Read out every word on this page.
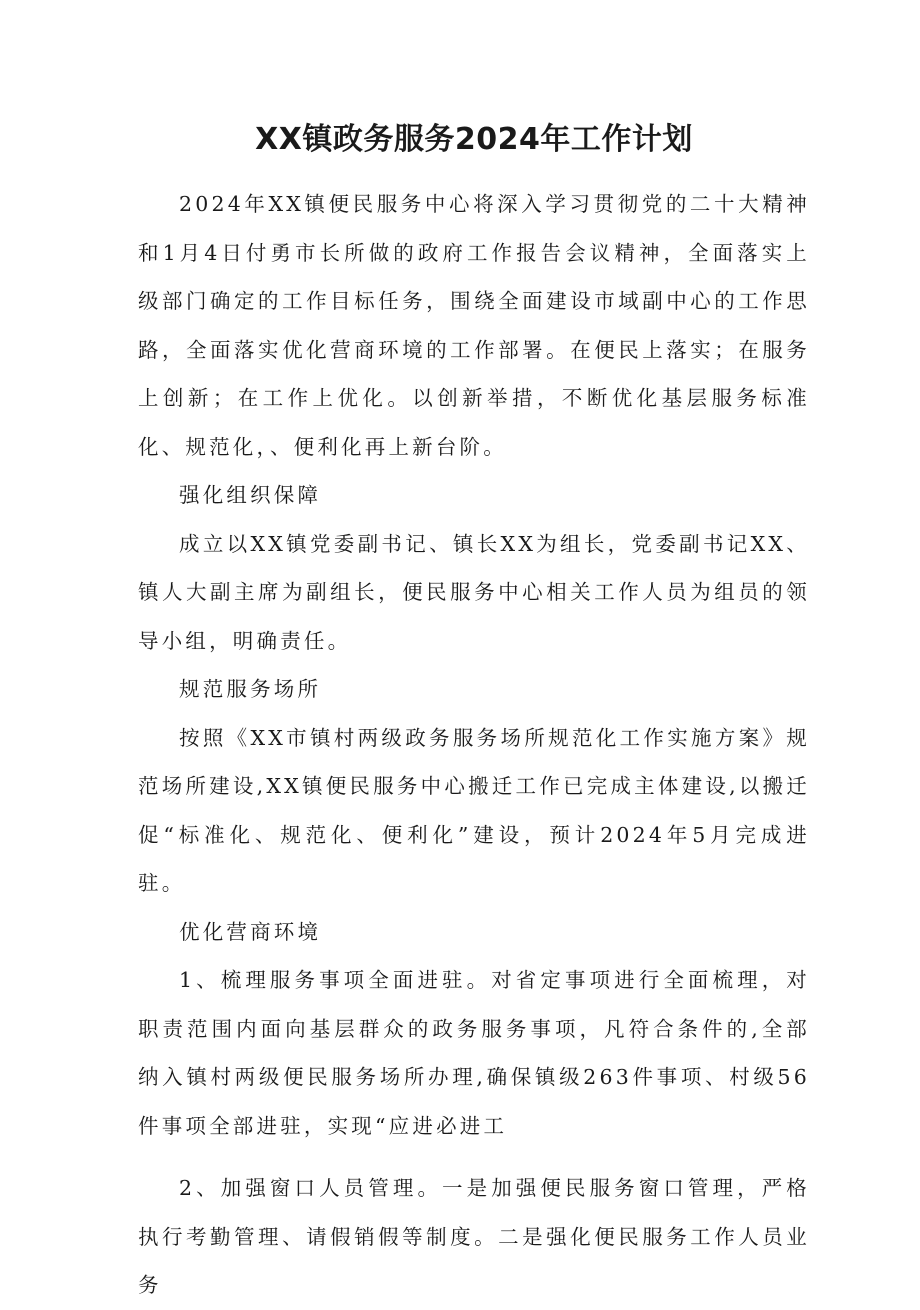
XX镇政务服务2024年工作计划

2024年XX镇便民服务中心将深入学习贯彻党的二十大精神和1月4日付勇市长所做的政府工作报告会议精神，全面落实上级部门确定的工作目标任务，围绕全面建设市域副中心的工作思路，全面落实优化营商环境的工作部署。在便民上落实；在服务上创新；在工作上优化。以创新举措，不断优化基层服务标准化、规范化，、便利化再上新台阶。

强化组织保障

成立以XX镇党委副书记、镇长XX为组长，党委副书记XX、镇人大副主席为副组长，便民服务中心相关工作人员为组员的领导小组，明确责任。

规范服务场所

按照《XX市镇村两级政务服务场所规范化工作实施方案》规范场所建设,XX镇便民服务中心搬迁工作已完成主体建设,以搬迁促“标准化、规范化、便利化”建设，预计2024年5月完成进驻。

优化营商环境

1、梳理服务事项全面进驻。对省定事项进行全面梳理，对职责范围内面向基层群众的政务服务事项，凡符合条件的,全部纳入镇村两级便民服务场所办理,确保镇级263件事项、村级56件事项全部进驻，实现“应进必进工

2、加强窗口人员管理。一是加强便民服务窗口管理，严格执行考勤管理、请假销假等制度。二是强化便民服务工作人员业务
